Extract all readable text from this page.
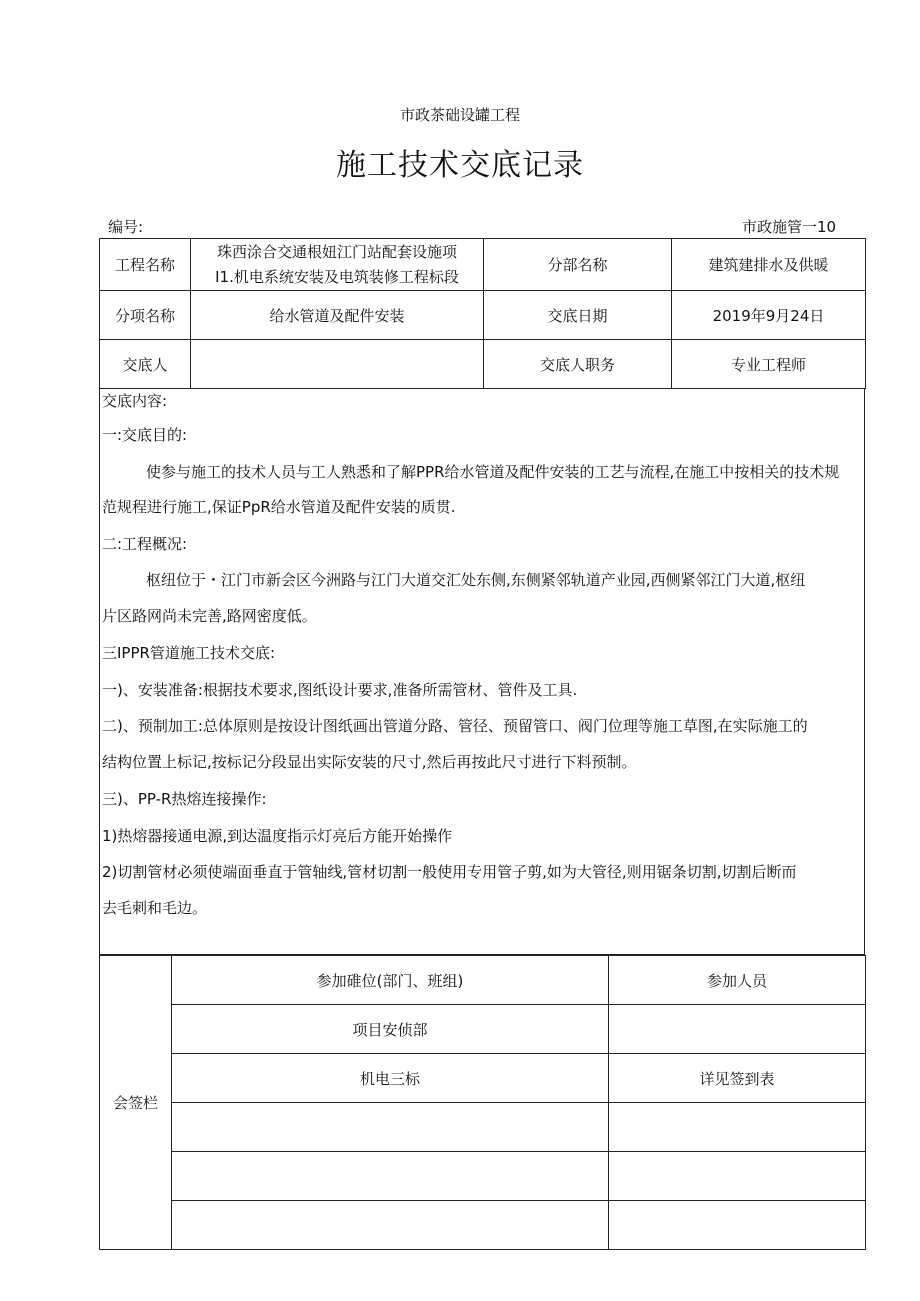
市政茶础设罐工程
施工技术交底记录
编号:	市政施管一10
工程名称	珠西涂合交通根妞江门站配套设施项
I1.机电系统安装及电筑装修工程标段	分部名称	建筑建排水及供暖
分项名称	给水管道及配件安装	交底日期	2019年9月24日
交底人		交底人职务	专业工程师
交底内容:
一:交底目的:
使参与施工的技术人员与工人熟悉和了解PPR给水管道及配件安装的工艺与流程,在施工中按相关的技术规
范规程进行施工,保证PpR给水管道及配件安装的质贯.
二:工程概况:
枢纽位于・江门市新会区今洲路与江门大道交汇处东侧,东侧紧邻轨道产业园,西侧紧邻江门大道,枢纽
片区路网尚未完善,路网密度低。
三IPPR管道施工技术交底:
一)、安装准备:根据技术要求,图纸设计要求,准备所需管材、管件及工具.
二)、预制加工:总体原则是按设计图纸画出管道分路、管径、预留管口、阀门位理等施工草图,在实际施工的
结构位置上标记,按标记分段显出实际安装的尺寸,然后再按此尺寸进行下料预制。
三)、PP-R热熔连接操作:
1)热熔器接通电源,到达温度指示灯亮后方能开始操作
2)切割管材必须使端面垂直于管轴线,管材切割一般使用专用管子剪,如为大管径,则用锯条切割,切割后断而
去毛刺和毛边。
会签栏	参加碓位(部门、班组)	参加人员
	项目安侦部	
	机电三标	详见签到表
